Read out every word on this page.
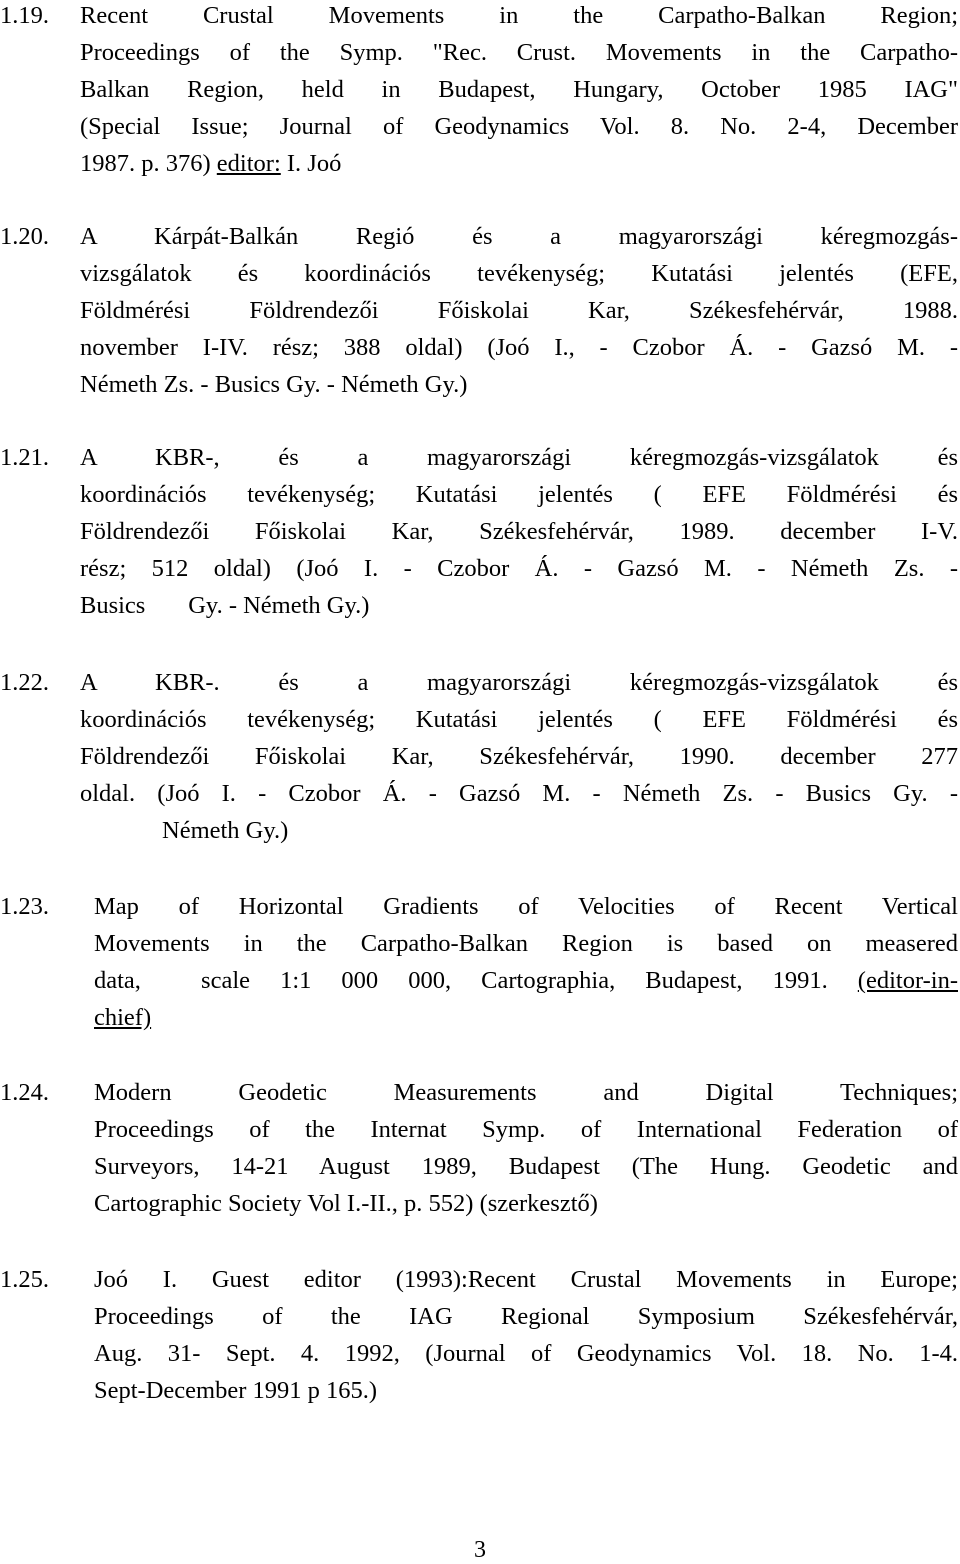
1.19. Recent Crustal Movements in the Carpatho-Balkan Region;
Proceedings of the Symp. "Rec. Crust. Movements in the Carpatho-
Balkan Region, held in Budapest, Hungary, October 1985 IAG"
(Special Issue; Journal of Geodynamics Vol. 8. No. 2-4, December
1987. p. 376) editor: I. Joó
1.20. A Kárpát-Balkán Regió és a magyarországi kéregmozgás-
vizsgálatok és koordinációs tevékenység; Kutatási jelentés (EFE,
Földmérési Földrendezői Főiskolai Kar, Székesfehérvár, 1988.
november I-IV. rész; 388 oldal) (Joó I., - Czobor Á. - Gazsó M. -
Németh Zs. - Busics Gy. - Németh Gy.)
1.21. A KBR-, és a magyarországi kéregmozgás-vizsgálatok és
koordinációs tevékenység; Kutatási jelentés ( EFE Földmérési és
Földrendezői Főiskolai Kar, Székesfehérvár, 1989. december I-V.
rész; 512 oldal) (Joó I. - Czobor Á. - Gazsó M. - Németh Zs. -
Busics       Gy. - Németh Gy.)
1.22. A KBR-. és a magyarországi kéregmozgás-vizsgálatok és
koordinációs tevékenység; Kutatási jelentés ( EFE Földmérési és
Földrendezői Főiskolai Kar, Székesfehérvár, 1990. december 277
oldal. (Joó I. - Czobor Á. - Gazsó M. - Németh Zs. - Busics Gy. -
Németh Gy.)
1.23. Map of Horizontal Gradients of Velocities of Recent Vertical
Movements in the Carpatho-Balkan Region is based on measered
data,  scale 1:1 000 000, Cartographia, Budapest, 1991. (editor-in-
chief)
1.24. Modern Geodetic Measurements and Digital Techniques;
Proceedings of the Internat Symp. of International Federation of
Surveyors, 14-21 August 1989, Budapest (The Hung. Geodetic and
Cartographic Society Vol I.-II., p. 552) (szerkesztő)
1.25. Joó I. Guest editor (1993):Recent Crustal Movements in Europe;
Proceedings of the IAG Regional Symposium Székesfehérvár,
Aug. 31- Sept. 4. 1992, (Journal of Geodynamics Vol. 18. No. 1-4.
Sept-December 1991 p 165.)
3
